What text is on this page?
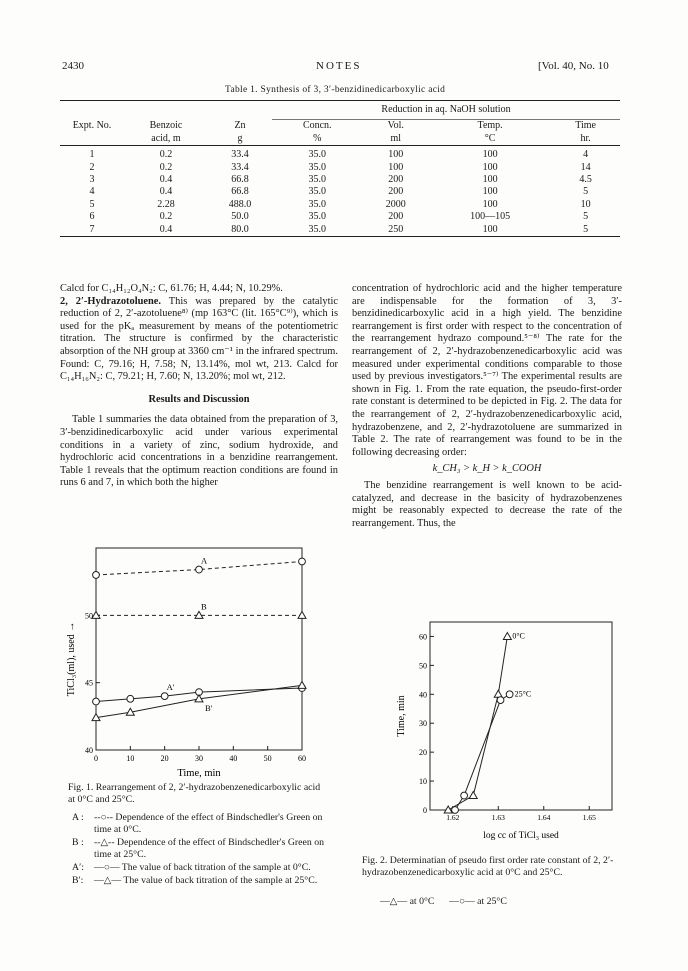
2430	NOTES	[Vol. 40, No. 10
Table 1. Synthesis of 3, 3′-benzidinedicarboxylic acid
			Reduction in aq. NaOH solution			
Expt. No.	Benzoic	Zn	Concn.	Vol.	Temp.	Time
	acid, m	g	%	ml	°C	hr.
1	0.2	33.4	35.0	100	100	4
2	0.2	33.4	35.0	100	100	14
3	0.4	66.8	35.0	200	100	4.5
4	0.4	66.8	35.0	200	100	5
5	2.28	488.0	35.0	2000	100	10
6	0.2	50.0	35.0	200	100—105	5
7	0.4	80.0	35.0	250	100	5

Calcd for C₁₄H₁₂O₄N₂: C, 61.76; H, 4.44; N, 10.29%.

2, 2′-Hydrazotoluene. This was prepared by the catalytic reduction of 2, 2′-azotoluene⁸⁾ (mp 163°C (lit. 165°C⁹⁾), which is used for the pKₐ measurement by means of the potentiometric titration. The structure is confirmed by the characteristic absorption of the NH group at 3360 cm⁻¹ in the infrared spectrum. Found: C, 79.16; H, 7.58; N, 13.14%, mol wt, 213. Calcd for C₁₄H₁₆N₂: C, 79.21; H, 7.60; N, 13.20%; mol wt, 212.

Results and Discussion

Table 1 summaries the data obtained from the preparation of 3, 3′-benzidinedicarboxylic acid under various experimental conditions in a variety of zinc, sodium hydroxide, and hydrochloric acid concentrations in a benzidine rearrangement. Table 1 reveals that the optimum reaction conditions are found in runs 6 and 7, in which both the higher

concentration of hydrochloric acid and the higher temperature are indispensable for the formation of 3, 3′-benzidinedicarboxylic acid in a high yield. The benzidine rearrangement is first order with respect to the concentration of the rearrangement hydrazo compound.⁵⁻⁸⁾ The rate for the rearrangement of 2, 2′-hydrazobenzenedicarboxylic acid was measured under experimental conditions comparable to those used by previous investigators.⁵⁻⁷⁾ The experimental results are shown in Fig. 1. From the rate equation, the pseudo-first-order rate constant is determined to be depicted in Fig. 2. The data for the rearrangement of 2, 2′-hydrazobenzenedicarboxylic acid, hydrazobenzene, and 2, 2′-hydrazotoluene are summarized in Table 2. The rate of rearrangement was found to be in the following decreasing order:

k_CH₃ > k_H > k_COOH

The benzidine rearrangement is well known to be acid-catalyzed, and decrease in the basicity of hydrazobenzenes might be reasonably expected to decrease the rate of the rearrangement. Thus, the

0	10	20	30	40	50	60
40
45
50
Time, min
TiCl₃(ml), used →
A
B
A′
B′
Fig. 1. Rearrangement of 2, 2′-hydrazobenzenedicarboxylic acid at 0°C and 25°C.
A :	--○-- Dependence of the effect of Bindschedler's Green on time at 0°C.
B :	--△-- Dependence of the effect of Bindschedler's Green on time at 25°C.
A′:	—○— The value of back titration of the sample at 0°C.
B′:	—△— The value of back titration of the sample at 25°C.
0
10
20
30
40
50
60
1.62	1.63	1.64	1.65
log cc of TiCl₃ used
Time, min
0°C
25°C
Fig. 2. Determinatian of pseudo first order rate constant of 2, 2′-hydrazobenzenedicarboxylic acid at 0°C and 25°C.
—△— at 0°C      —○— at 25°C
